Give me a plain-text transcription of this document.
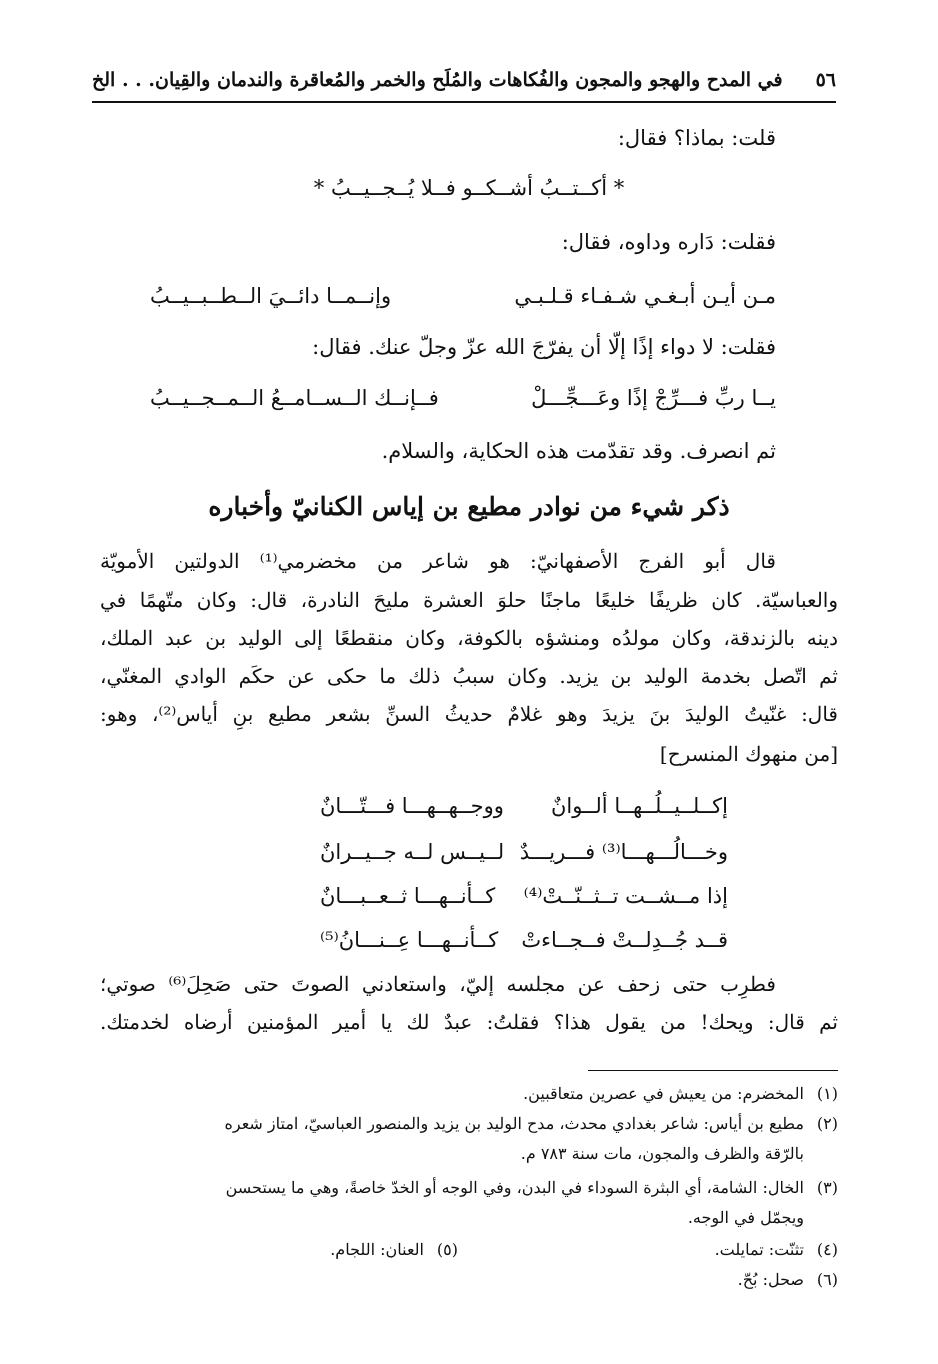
٥٦
في المدح والهجو والمجون والفُكاهات والمُلَح والخمر والمُعاقرة والندمان والقِيان. . . الخ
قلت: بماذا؟ فقال:
* أكــتــبُ أشــكــو فــلا يُــجــيــبُ *
فقلت: دَاره وداوه، فقال:
مـن أيـن أبـغـي شـفـاء قـلـبـي
وإنــمــا دائــيَ الــطــبــيــبُ
فقلت: لا دواء إذًا إلّا أن يفرّجَ الله عزّ وجلّ عنك. فقال:
يــا ربِّ فـــرِّجْ إذًا وعَـــجِّـــلْ
فــإنــك الــســامــعُ الــمــجــيــبُ
ثم انصرف. وقد تقدّمت هذه الحكاية، والسلام.
ذكر شيء من نوادر مطيع بن إياس الكنانيّ وأخباره
قال أبو الفرج الأصفهانيّ: هو شاعر من مخضرمي⁽¹⁾ الدولتين الأمويّة
والعباسيّة. كان ظريفًا خليعًا ماجنًا حلوَ العشرة مليحَ النادرة، قال: وكان متّهمًا في
دينه بالزندقة، وكان مولدُه ومنشؤه بالكوفة، وكان منقطعًا إلى الوليد بن عبد الملك،
ثم اتّصل بخدمة الوليد بن يزيد. وكان سببُ ذلك ما حكى عن حكَم الوادي المغنّي،
قال: غنّيتُ الوليدَ بنَ يزيدَ وهو غلامٌ حديثُ السنِّ بشعر مطيع بنِ أياس⁽²⁾، وهو:
[من منهوك المنسرح]
إكــلــيــلُــهــا ألــوانٌ
ووجــهــهـــا فـــتّـــانٌ
وخـــالُـــهـــا⁽³⁾ فـــريـــدٌ
لــيــس لــه جــيــرانٌ
إذا مــشــت تــثــنّــتْ⁽⁴⁾
كــأنــهـــا ثــعــبـــانٌ
قــد جُــدِلــتْ فــجــاءتْ
كــأنــهـــا عِــنـــانُ⁽⁵⁾
فطرِب حتى زحف عن مجلسه إليّ، واستعادني الصوتَ حتى صَحِلَ⁽⁶⁾ صوتي؛
ثم قال: ويحك! من يقول هذا؟ فقلتُ: عبدٌ لك يا أمير المؤمنين أرضاه لخدمتك.
(١)المخضرم: من يعيش في عصرين متعاقبين.
(٢)مطيع بن أياس: شاعر بغدادي محدث، مدح الوليد بن يزيد والمنصور العباسيّ، امتاز شعره
بالرّقة والظرف والمجون، مات سنة ٧٨٣ م.
(٣)الخال: الشامة، أي البثرة السوداء في البدن، وفي الوجه أو الخدّ خاصةً، وهي ما يستحسن
ويجمّل في الوجه.
(٤)تثنّت: تمايلت.
(٥)العنان: اللجام.
(٦)صحل: بُحّ.
